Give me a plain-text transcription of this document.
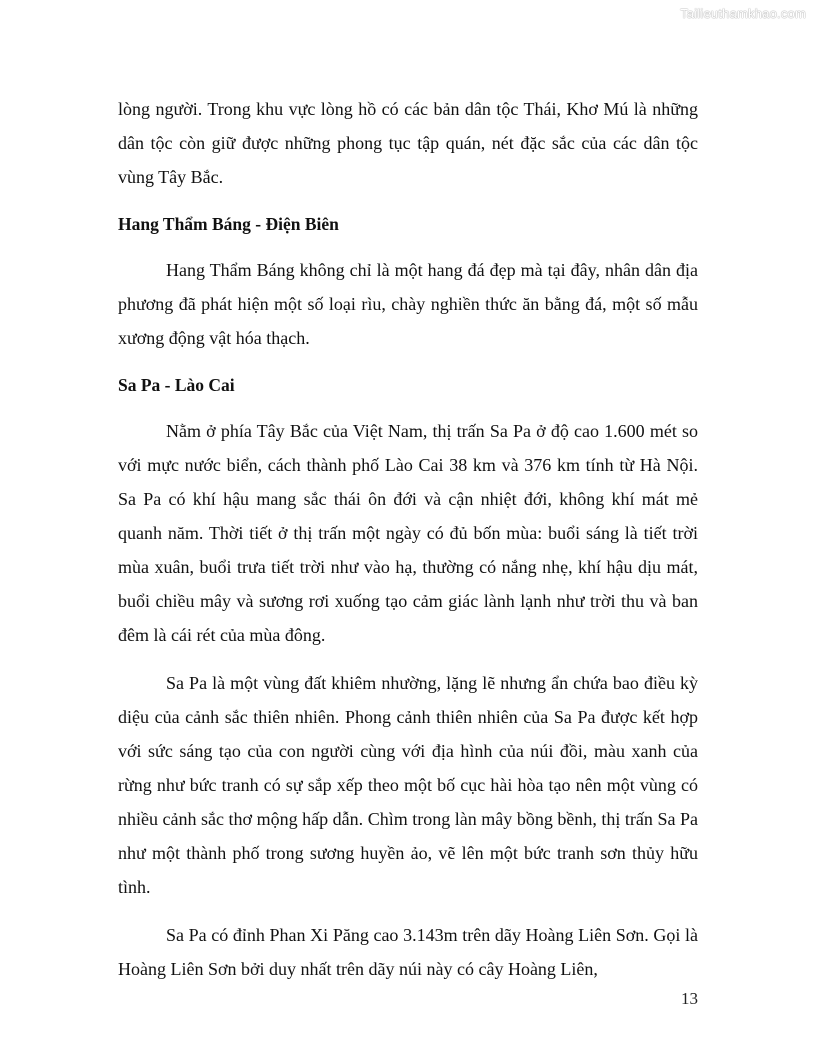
Tailieuthamkhao.com

lòng người. Trong khu vực lòng hồ có các bản dân tộc Thái, Khơ Mú là những dân tộc còn giữ được những phong tục tập quán, nét đặc sắc của các dân tộc vùng Tây Bắc.

Hang Thẩm Báng - Điện Biên

Hang Thẩm Báng không chỉ là một hang đá đẹp mà tại đây, nhân dân địa phương đã phát hiện một số loại rìu, chày nghiền thức ăn bằng đá, một số mẫu xương động vật hóa thạch.

Sa Pa - Lào Cai

Nằm ở phía Tây Bắc của Việt Nam, thị trấn Sa Pa ở độ cao 1.600 mét so với mực nước biển, cách thành phố Lào Cai 38 km và 376 km tính từ Hà Nội. Sa Pa có khí hậu mang sắc thái ôn đới và cận nhiệt đới, không khí mát mẻ quanh năm. Thời tiết ở thị trấn một ngày có đủ bốn mùa: buổi sáng là tiết trời mùa xuân, buổi trưa tiết trời như vào hạ, thường có nắng nhẹ, khí hậu dịu mát, buổi chiều mây và sương rơi xuống tạo cảm giác lành lạnh như trời thu và ban đêm là cái rét của mùa đông.

Sa Pa là một vùng đất khiêm nhường, lặng lẽ nhưng ẩn chứa bao điều kỳ diệu của cảnh sắc thiên nhiên. Phong cảnh thiên nhiên của Sa Pa được kết hợp với sức sáng tạo của con người cùng với địa hình của núi đồi, màu xanh của rừng như bức tranh có sự sắp xếp theo một bố cục hài hòa tạo nên một vùng có nhiều cảnh sắc thơ mộng hấp dẫn. Chìm trong làn mây bồng bềnh, thị trấn Sa Pa như một thành phố trong sương huyền ảo, vẽ lên một bức tranh sơn thủy hữu tình.

Sa Pa có đỉnh Phan Xi Păng cao 3.143m trên dãy Hoàng Liên Sơn. Gọi là Hoàng Liên Sơn bởi duy nhất trên dãy núi này có cây Hoàng Liên,

13
